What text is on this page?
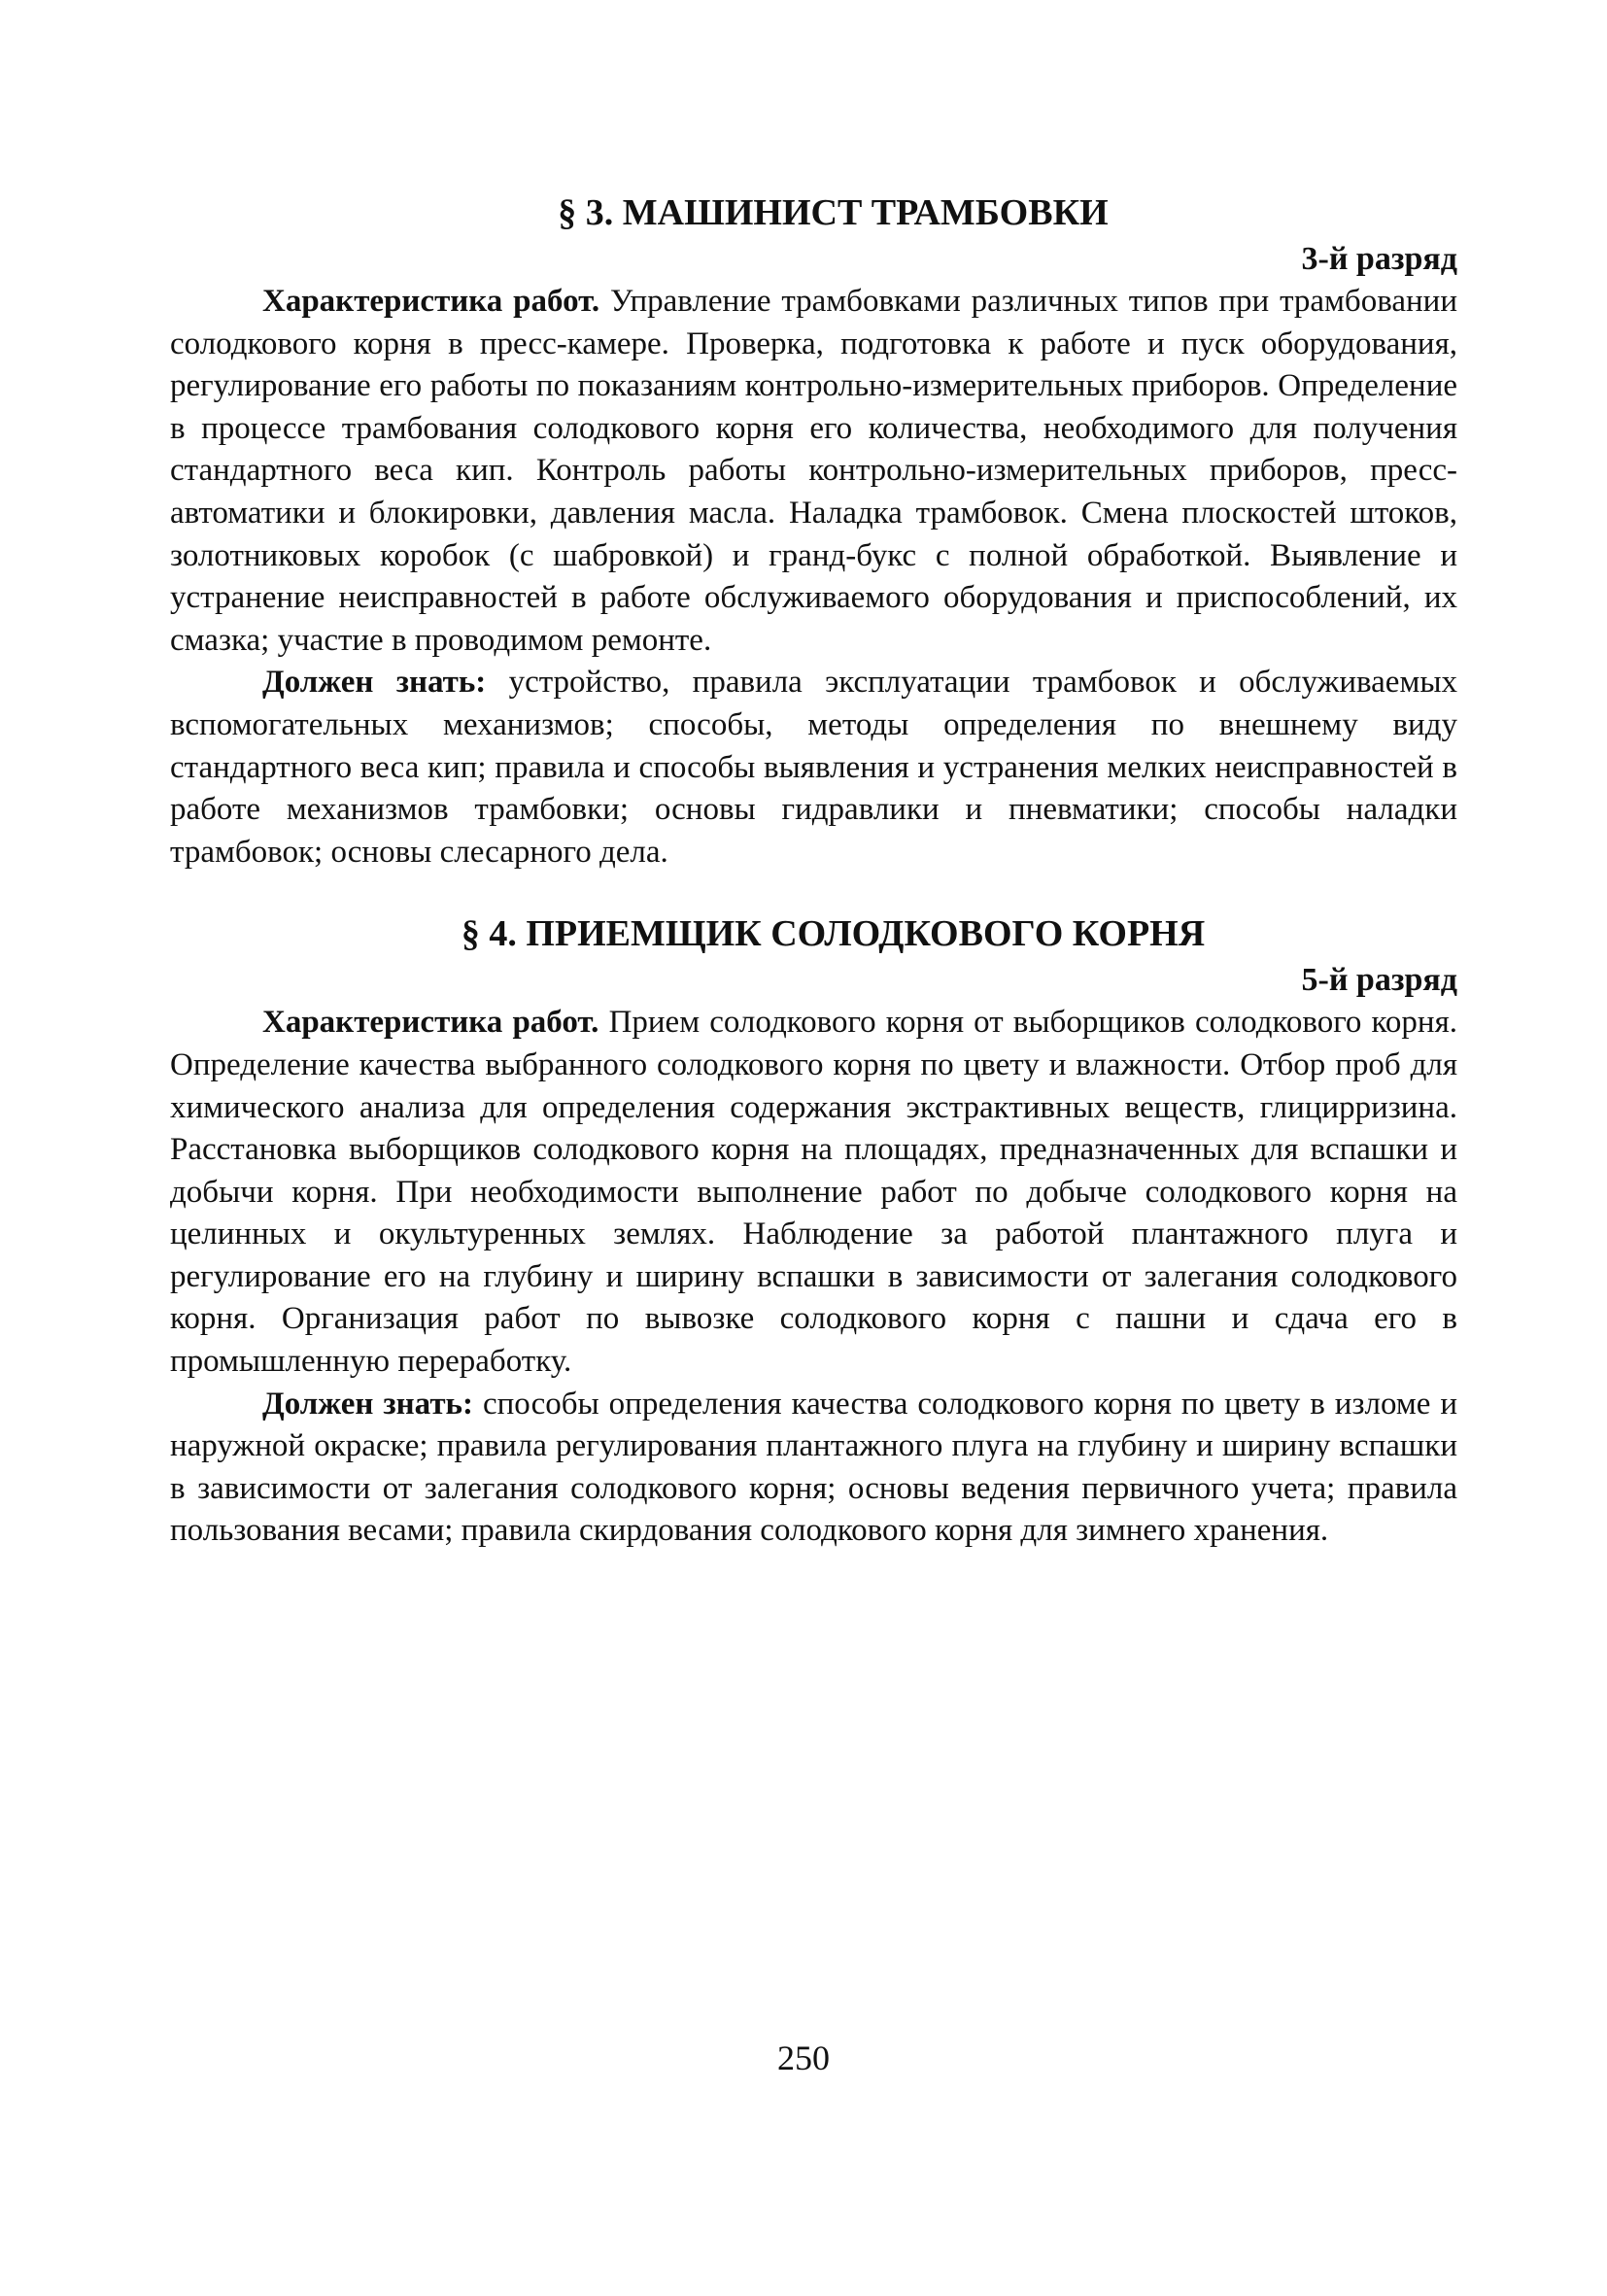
§ 3. МАШИНИСТ ТРАМБОВКИ
3-й разряд

Характеристика работ. Управление трамбовками различных типов при трамбовании солодкового корня в пресс-камере. Проверка, подготовка к работе и пуск оборудования, регулирование его работы по показаниям контрольно-измерительных приборов. Определение в процессе трамбования солодкового корня его количества, необходимого для получения стандартного веса кип. Контроль работы контрольно-измерительных приборов, пресс-автоматики и блокировки, давления масла. Наладка трамбовок. Смена плоскостей штоков, золотниковых коробок (с шабровкой) и гранд-букс с полной обработкой. Выявление и устранение неисправностей в работе обслуживаемого оборудования и приспособлений, их смазка; участие в проводимом ремонте.

Должен знать: устройство, правила эксплуатации трамбовок и обслуживаемых вспомогательных механизмов; способы, методы определения по внешнему виду стандартного веса кип; правила и способы выявления и устранения мелких неисправностей в работе механизмов трамбовки; основы гидравлики и пневматики; способы наладки трамбовок; основы слесарного дела.

§ 4. ПРИЕМЩИК СОЛОДКОВОГО КОРНЯ
5-й разряд

Характеристика работ. Прием солодкового корня от выборщиков солодкового корня. Определение качества выбранного солодкового корня по цвету и влажности. Отбор проб для химического анализа для определения содержания экстрактивных веществ, глицирризина. Расстановка выборщиков солодкового корня на площадях, предназначенных для вспашки и добычи корня. При необходимости выполнение работ по добыче солодкового корня на целинных и окультуренных землях. Наблюдение за работой плантажного плуга и регулирование его на глубину и ширину вспашки в зависимости от залегания солодкового корня. Организация работ по вывозке солодкового корня с пашни и сдача его в промышленную переработку.

Должен знать: способы определения качества солодкового корня по цвету в изломе и наружной окраске; правила регулирования плантажного плуга на глубину и ширину вспашки в зависимости от залегания солодкового корня; основы ведения первичного учета; правила пользования весами; правила скирдования солодкового корня для зимнего хранения.

250
